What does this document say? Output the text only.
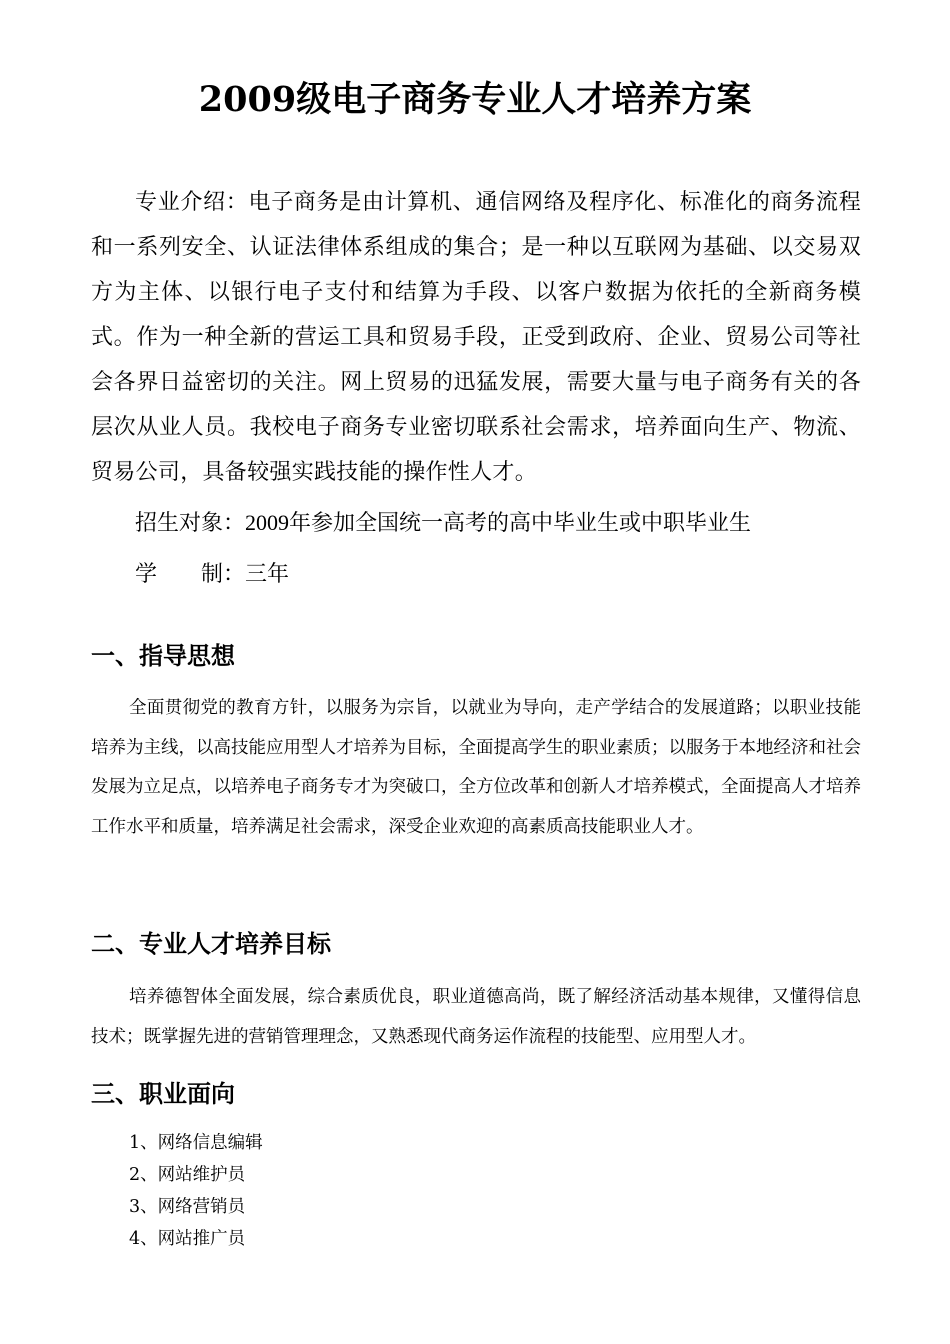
2009级电子商务专业人才培养方案

专业介绍：电子商务是由计算机、通信网络及程序化、标准化的商务流程和一系列安全、认证法律体系组成的集合；是一种以互联网为基础、以交易双方为主体、以银行电子支付和结算为手段、以客户数据为依托的全新商务模式。作为一种全新的营运工具和贸易手段，正受到政府、企业、贸易公司等社会各界日益密切的关注。网上贸易的迅猛发展，需要大量与电子商务有关的各层次从业人员。我校电子商务专业密切联系社会需求，培养面向生产、物流、贸易公司，具备较强实践技能的操作性人才。

招生对象：2009年参加全国统一高考的高中毕业生或中职毕业生

学　　制：三年

一、指导思想

全面贯彻党的教育方针，以服务为宗旨，以就业为导向，走产学结合的发展道路；以职业技能培养为主线，以高技能应用型人才培养为目标，全面提高学生的职业素质；以服务于本地经济和社会发展为立足点，以培养电子商务专才为突破口，全方位改革和创新人才培养模式，全面提高人才培养工作水平和质量，培养满足社会需求，深受企业欢迎的高素质高技能职业人才。

二、专业人才培养目标

培养德智体全面发展，综合素质优良，职业道德高尚，既了解经济活动基本规律，又懂得信息技术；既掌握先进的营销管理理念，又熟悉现代商务运作流程的技能型、应用型人才。

三、职业面向
1、网络信息编辑
2、网站维护员
3、网络营销员
4、网站推广员
